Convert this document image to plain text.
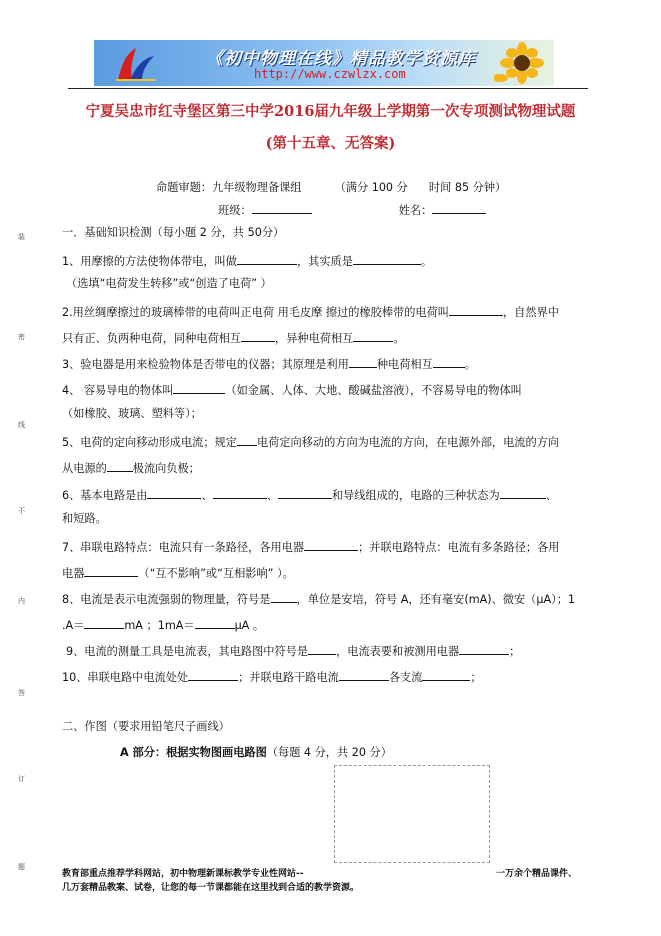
《初中物理在线》精品教学资源库
http://www.czwlzx.com
宁夏吴忠市红寺堡区第三中学2016届九年级上学期第一次专项测试物理试题
(第十五章、无答案)
命题审题：九年级物理备课组	（满分 100 分 时间 85 分钟）
班级：	姓名：
一．基础知识检测（每小题 2 分，共 50分）
1、用摩擦的方法使物体带电，叫做	，其实质是	。
（选填“电荷发生转移”或“创造了电荷” ）
2.用丝绸摩擦过的玻璃棒带的电荷叫正电荷 用毛皮摩 擦过的橡胶棒带的电荷叫	，自然界中
只有正、负两种电荷，同种电荷相互	，异种电荷相互	。
3、验电器是用来检验物体是否带电的仪器；其原理是利用	种电荷相互	。
4、 容易导电的物体叫	（如金属、人体、大地、酸碱盐溶液），不容易导电的物体叫
（如橡胶、玻璃、塑料等）；
5、电荷的定向移动形成电流；规定 电荷定向移动的方向为电流的方向，在电源外部，电流的方向
从电源的 极流向负极；
6、基本电路是由	、	、	和导线组成的，电路的三种状态为	、
和短路。
7、串联电路特点：电流只有一条路径，各用电器	；并联电路特点：电流有多条路径；各用
电器	（“互不影响”或“互相影响” ）。
8、电流是表示电流强弱的物理量，符号是 ，单位是安培，符号 A，还有毫安(mA)、微安（μA）；1
.A＝	mA ；1mA＝	μA 。
9、电流的测量工具是电流表，其电路图中符号是	，电流表要和被测用电器	；
10、串联电路中电流处处	；并联电路干路电流	各支流	；
二、作图（要求用铅笔尺子画线）
A 部分：根据实物图画电路图（每题 4 分，共 20 分）
教育部重点推荐学科网站，初中物理新课标教学专业性网站--	一万余个精品课件、
几万套精品教案、试卷，让您的每一节课都能在这里找到合适的教学资源。
装
密
线
不
内
答
订
题
